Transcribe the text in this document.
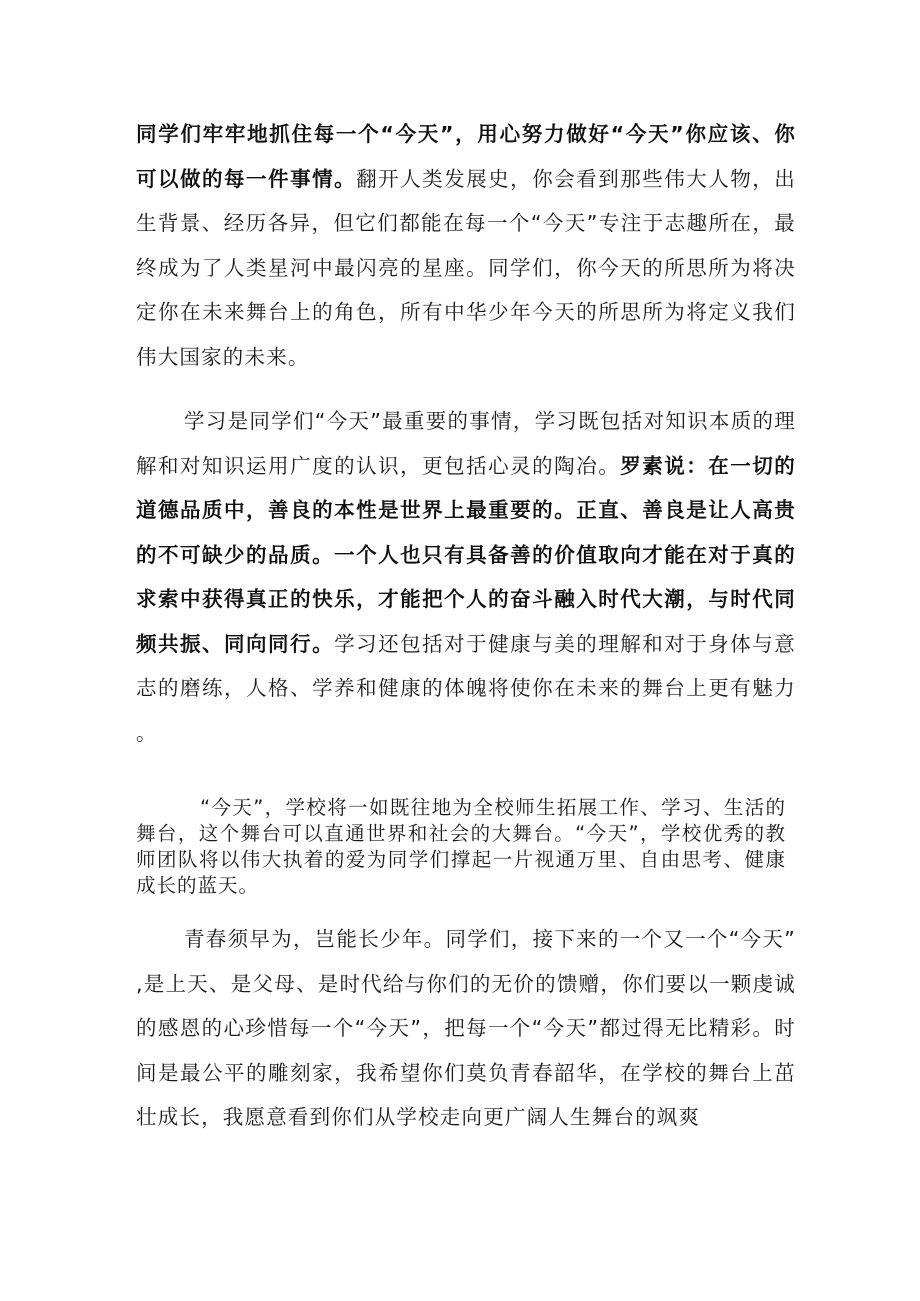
同学们牢牢地抓住每一个“今天”，用心努力做好“今天”你应该、你可以做的每一件事情。翻开人类发展史，你会看到那些伟大人物，出生背景、经历各异，但它们都能在每一个“今天”专注于志趣所在，最终成为了人类星河中最闪亮的星座。同学们，你今天的所思所为将决定你在未来舞台上的角色，所有中华少年今天的所思所为将定义我们伟大国家的未来。

学习是同学们“今天”最重要的事情，学习既包括对知识本质的理解和对知识运用广度的认识，更包括心灵的陶冶。罗素说：在一切的道德品质中，善良的本性是世界上最重要的。正直、善良是让人高贵的不可缺少的品质。一个人也只有具备善的价值取向才能在对于真的求索中获得真正的快乐，才能把个人的奋斗融入时代大潮，与时代同频共振、同向同行。学习还包括对于健康与美的理解和对于身体与意志的磨练，人格、学养和健康的体魄将使你在未来的舞台上更有魅力。

“今天”，学校将一如既往地为全校师生拓展工作、学习、生活的舞台，这个舞台可以直通世界和社会的大舞台。“今天”，学校优秀的教师团队将以伟大执着的爱为同学们撑起一片视通万里、自由思考、健康成长的蓝天。

青春须早为，岂能长少年。同学们，接下来的一个又一个“今天”,是上天、是父母、是时代给与你们的无价的馈赠，你们要以一颗虔诚的感恩的心珍惜每一个“今天”，把每一个“今天”都过得无比精彩。时间是最公平的雕刻家，我希望你们莫负青春韶华，在学校的舞台上茁壮成长，我愿意看到你们从学校走向更广阔人生舞台的飒爽
